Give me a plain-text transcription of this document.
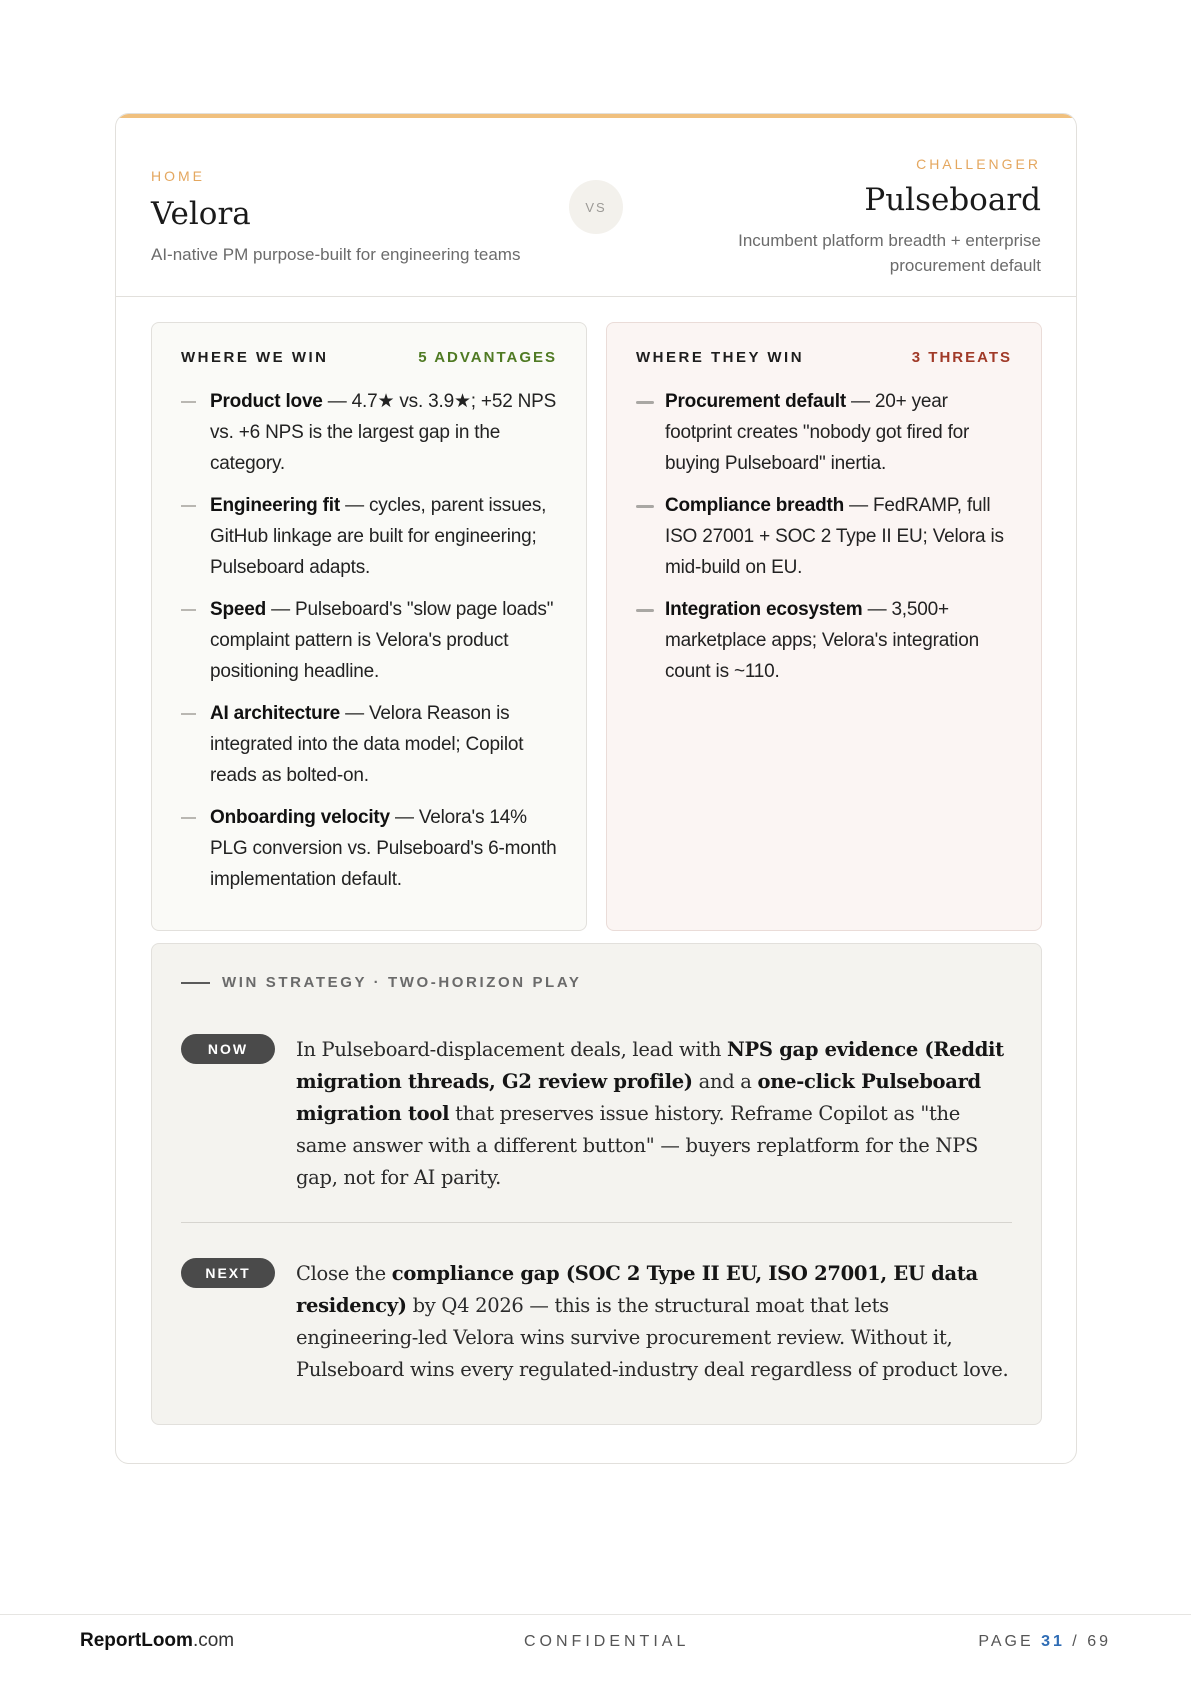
HOME
Velora
AI-native PM purpose-built for engineering teams
VS
CHALLENGER
Pulseboard
Incumbent platform breadth + enterprise
procurement default
WHERE WE WIN	5 ADVANTAGES
Product love — 4.7★ vs. 3.9★; +52 NPS vs. +6 NPS is the largest gap in the category.
Engineering fit — cycles, parent issues, GitHub linkage are built for engineering; Pulseboard adapts.
Speed — Pulseboard's "slow page loads" complaint pattern is Velora's product positioning headline.
AI architecture — Velora Reason is integrated into the data model; Copilot reads as bolted-on.
Onboarding velocity — Velora's 14% PLG conversion vs. Pulseboard's 6-month implementation default.
WHERE THEY WIN	3 THREATS
Procurement default — 20+ year footprint creates "nobody got fired for buying Pulseboard" inertia.
Compliance breadth — FedRAMP, full ISO 27001 + SOC 2 Type II EU; Velora is mid-build on EU.
Integration ecosystem — 3,500+ marketplace apps; Velora's integration count is ~110.
WIN STRATEGY · TWO-HORIZON PLAY
NOW	In Pulseboard-displacement deals, lead with NPS gap evidence (Reddit migration threads, G2 review profile) and a one-click Pulseboard migration tool that preserves issue history. Reframe Copilot as "the same answer with a different button" — buyers replatform for the NPS gap, not for AI parity.

NEXT	Close the compliance gap (SOC 2 Type II EU, ISO 27001, EU data residency) by Q4 2026 — this is the structural moat that lets engineering-led Velora wins survive procurement review. Without it, Pulseboard wins every regulated-industry deal regardless of product love.

ReportLoom.com	CONFIDENTIAL	PAGE 31 / 69
